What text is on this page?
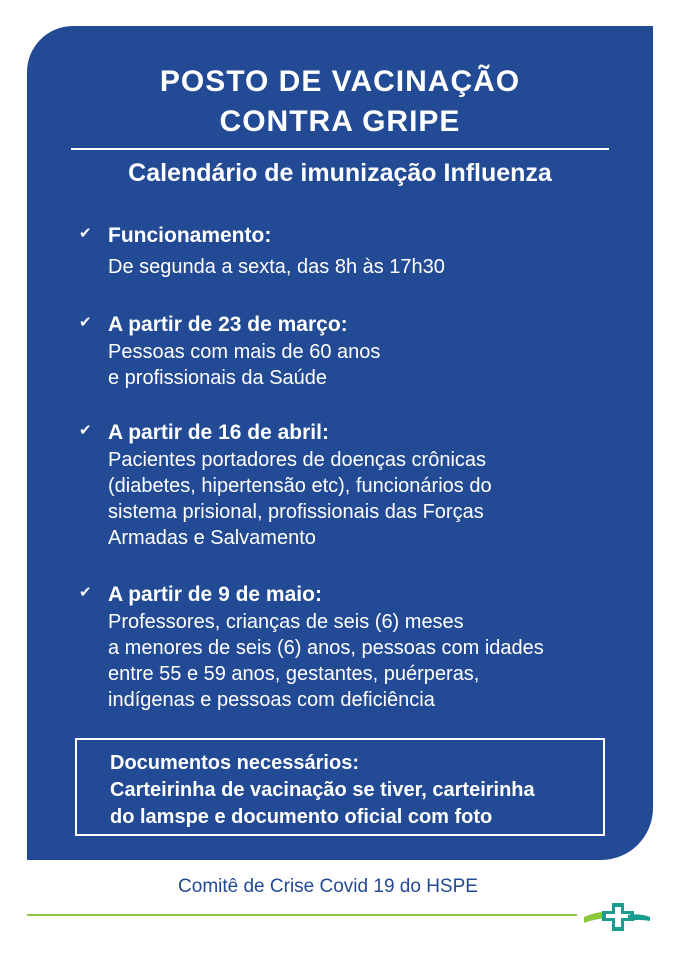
POSTO DE VACINAÇÃO
CONTRA GRIPE
Calendário de imunização Influenza
✔ Funcionamento:
De segunda a sexta, das 8h às 17h30
✔ A partir de 23 de março:
Pessoas com mais de 60 anos
e profissionais da Saúde
✔ A partir de 16 de abril:
Pacientes portadores de doenças crônicas
(diabetes, hipertensão etc), funcionários do
sistema prisional, profissionais das Forças
Armadas e Salvamento
✔ A partir de 9 de maio:
Professores, crianças de seis (6) meses
a menores de seis (6) anos, pessoas com idades
entre 55 e 59 anos, gestantes, puérperas,
indígenas e pessoas com deficiência
Documentos necessários:
Carteirinha de vacinação se tiver, carteirinha
do lamspe e documento oficial com foto
Comitê de Crise Covid 19 do HSPE
